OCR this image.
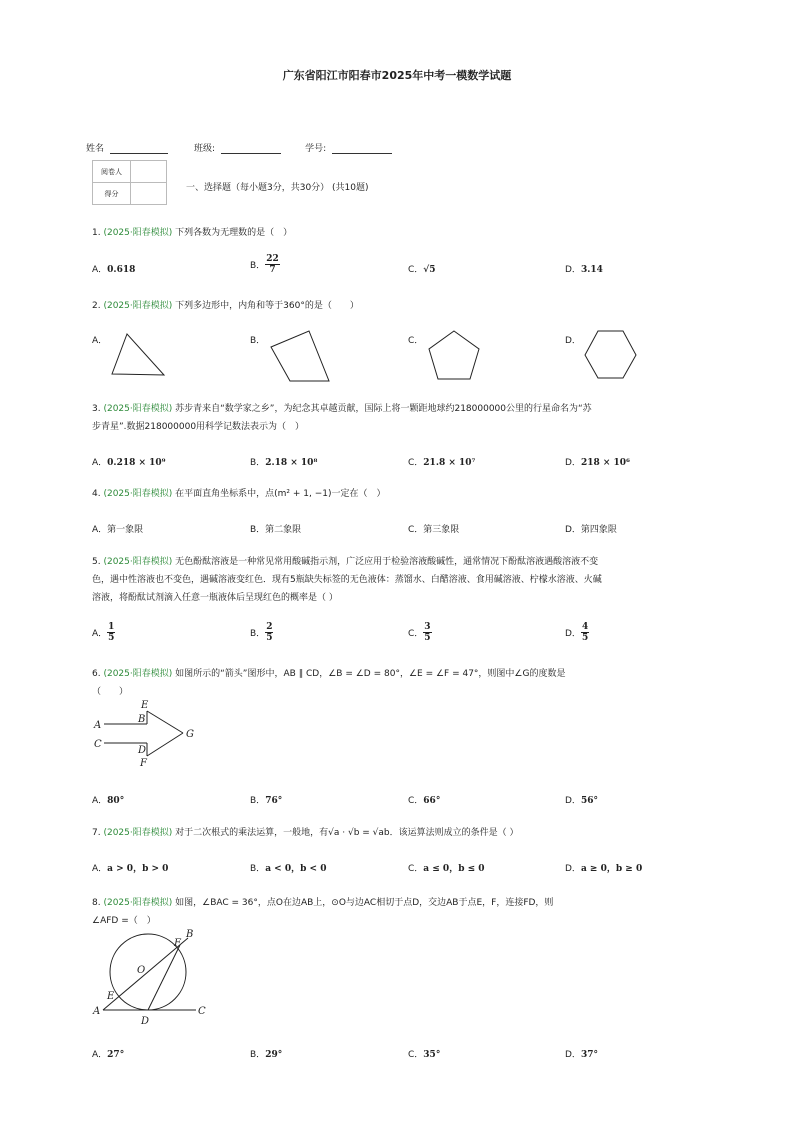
广东省阳江市阳春市2025年中考一模数学试题
姓名	班级:	学号:
阅卷人	
得分	
一、选择题（每小题3分，共30分） (共10题)
1. (2025·阳春模拟) 下列各数为无理数的是（　）
A．0.618	B． $\frac{22}{7}$	C．√5	D．3.14
2. (2025·阳春模拟) 下列多边形中，内角和等于360°的是（　　）
A．	B．	C．	D．
3. (2025·阳春模拟) 苏步青来自“数学家之乡”，为纪念其卓越贡献，国际上将一颗距地球约218000000公里的行星命名为“苏
步青星”.数据218000000用科学记数法表示为（　）
A．0.218 × 10⁹	B．2.18 × 10⁸	C．21.8 × 10⁷	D．218 × 10⁶
4. (2025·阳春模拟) 在平面直角坐标系中，点(m² + 1, −1)一定在（　）
A．第一象限	B．第二象限	C．第三象限	D．第四象限
5. (2025·阳春模拟) 无色酚酞溶液是一种常见常用酸碱指示剂，广泛应用于检验溶液酸碱性，通常情况下酚酞溶液遇酸溶液不变
色，遇中性溶液也不变色，遇碱溶液变红色．现有5瓶缺失标签的无色液体：蒸馏水、白醋溶液、食用碱溶液、柠檬水溶液、火碱
溶液，将酚酞试剂滴入任意一瓶液体后呈现红色的概率是（ ）
A． $\frac{1}{5}$	B． $\frac{2}{5}$	C． $\frac{3}{5}$	D． $\frac{4}{5}$
6. (2025·阳春模拟) 如图所示的“箭头”图形中，AB ∥ CD，∠B = ∠D = 80°，∠E = ∠F = 47°，则图中∠G的度数是
（　　）
A
B
C
D
E
F
G
A．80°	B．76°	C．66°	D．56°
7. (2025·阳春模拟) 对于二次根式的乘法运算，一般地，有√a · √b = √ab．该运算法则成立的条件是（ ）
A．a > 0，b > 0	B．a < 0，b < 0	C．a ≤ 0，b ≤ 0	D．a ≥ 0，b ≥ 0
8. (2025·阳春模拟) 如图，∠BAC = 36°，点O在边AB上，⊙O与边AC相切于点D，交边AB于点E，F，连接FD，则
∠AFD =（　）
A
B
C
D
E
F
O
A．27°	B．29°	C．35°	D．37°
